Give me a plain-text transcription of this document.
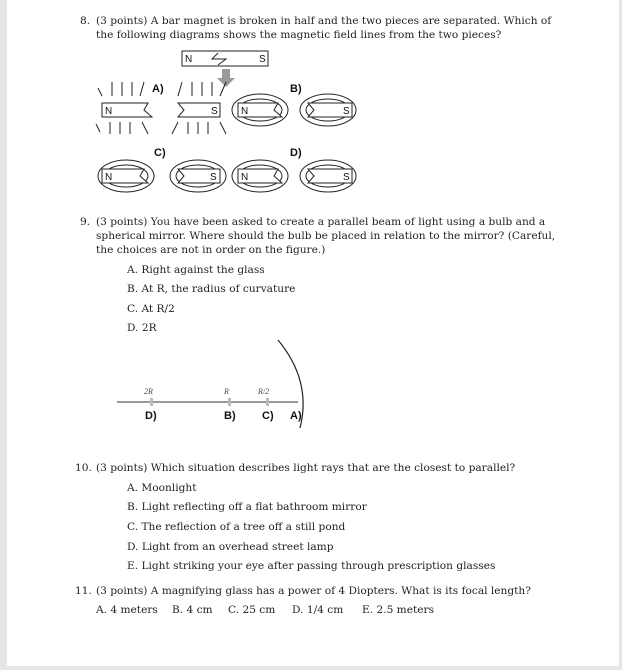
8. (3 points) A bar magnet is broken in half and the two pieces are separated. Which of
the following diagrams shows the magnetic field lines from the two pieces?
N	S
A)
N	S
B)
N	S
C)
N	S
D)
N	S
9. (3 points) You have been asked to create a parallel beam of light using a bulb and a
spherical mirror. Where should the bulb be placed in relation to the mirror? (Careful,
the choices are not in order on the figure.)
A. Right against the glass
B. At R, the radius of curvature
C. At R/2
D. 2R
2R	R	R/2
D)	B) C) A)
10. (3 points) Which situation describes light rays that are the closest to parallel?
A. Moonlight
B. Light reflecting off a flat bathroom mirror
C. The reflection of a tree off a still pond
D. Light from an overhead street lamp
E. Light striking your eye after passing through prescription glasses
11. (3 points) A magnifying glass has a power of 4 Diopters. What is its focal length?
A. 4 meters B. 4 cm C. 25 cm D. 1/4 cm E. 2.5 meters
